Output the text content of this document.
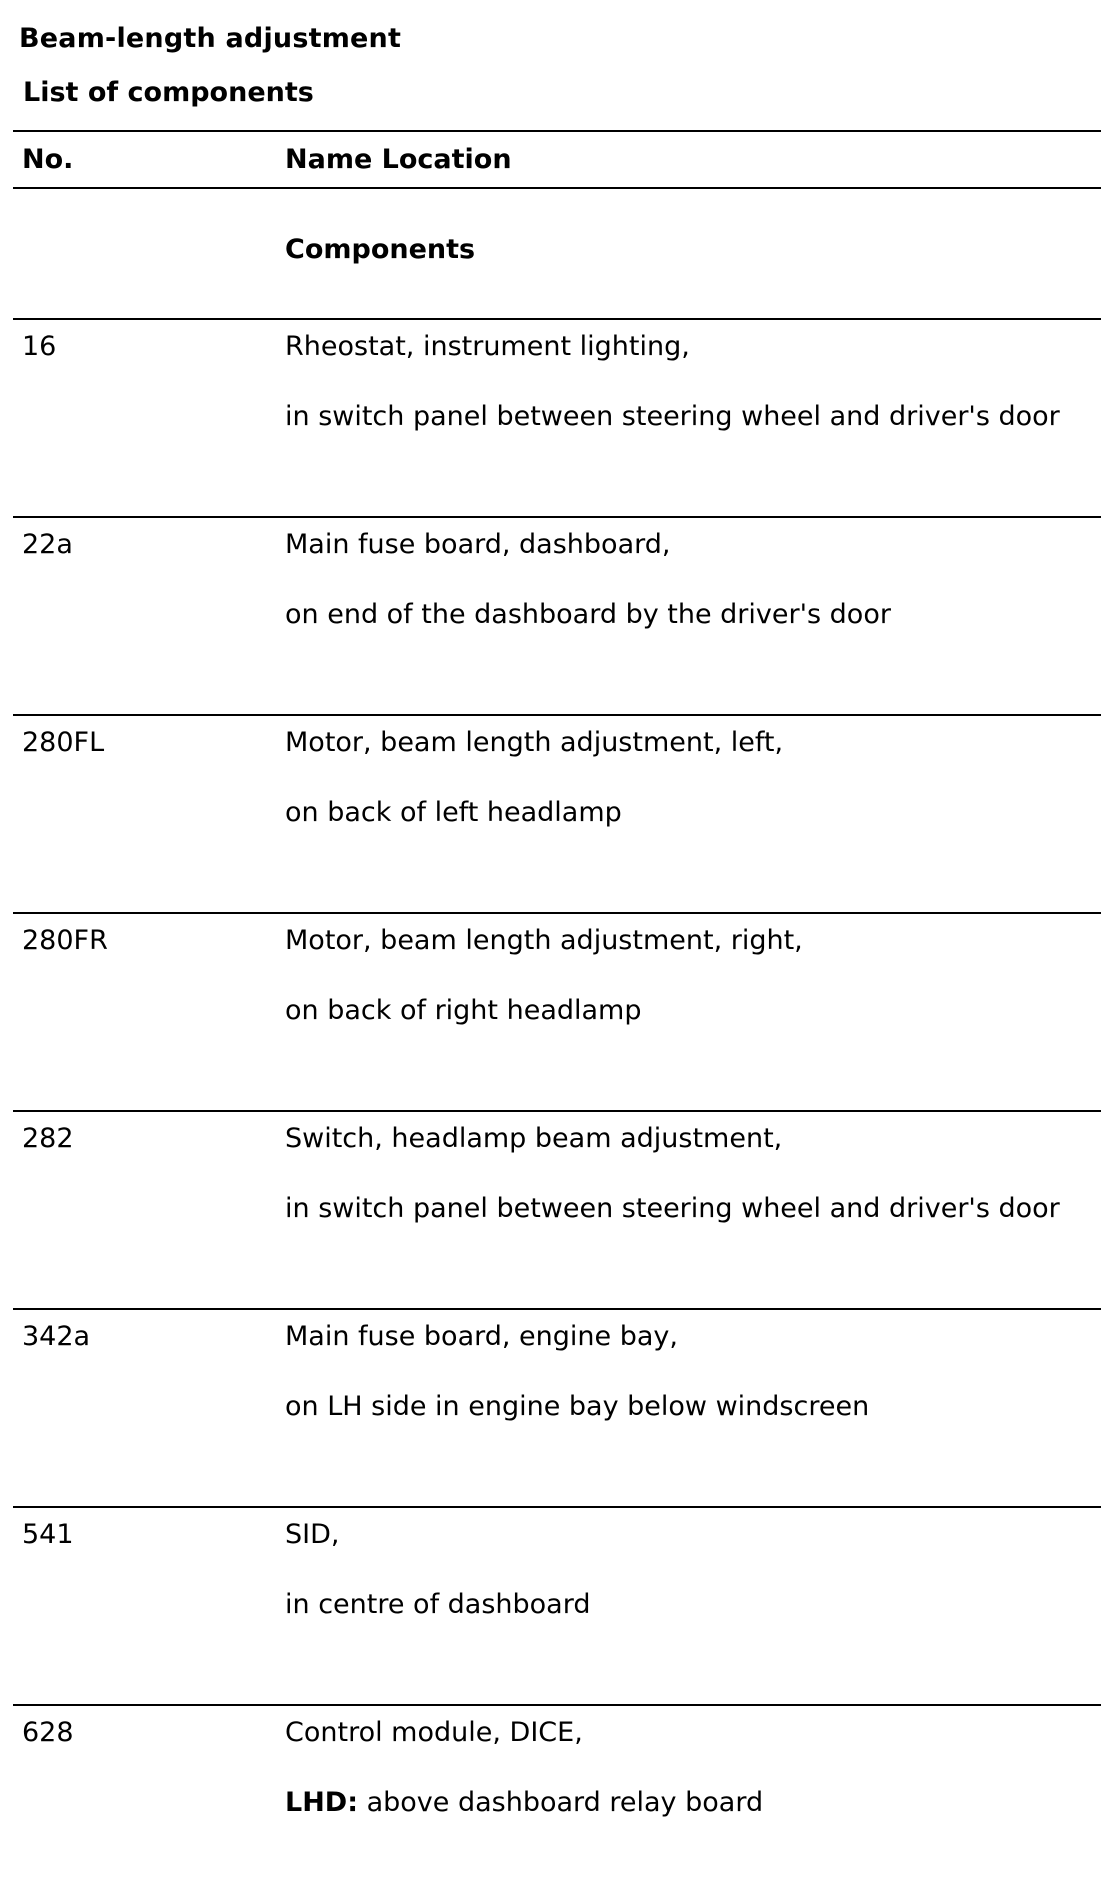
Beam-length adjustment
List of components
No.	Name Location
Components
16	Rheostat, instrument lighting,
in switch panel between steering wheel and driver's door
22a	Main fuse board, dashboard,
on end of the dashboard by the driver's door
280FL	Motor, beam length adjustment, left,
on back of left headlamp
280FR	Motor, beam length adjustment, right,
on back of right headlamp
282	Switch, headlamp beam adjustment,
in switch panel between steering wheel and driver's door
342a	Main fuse board, engine bay,
on LH side in engine bay below windscreen
541	SID,
in centre of dashboard
628	Control module, DICE,
LHD: above dashboard relay board
